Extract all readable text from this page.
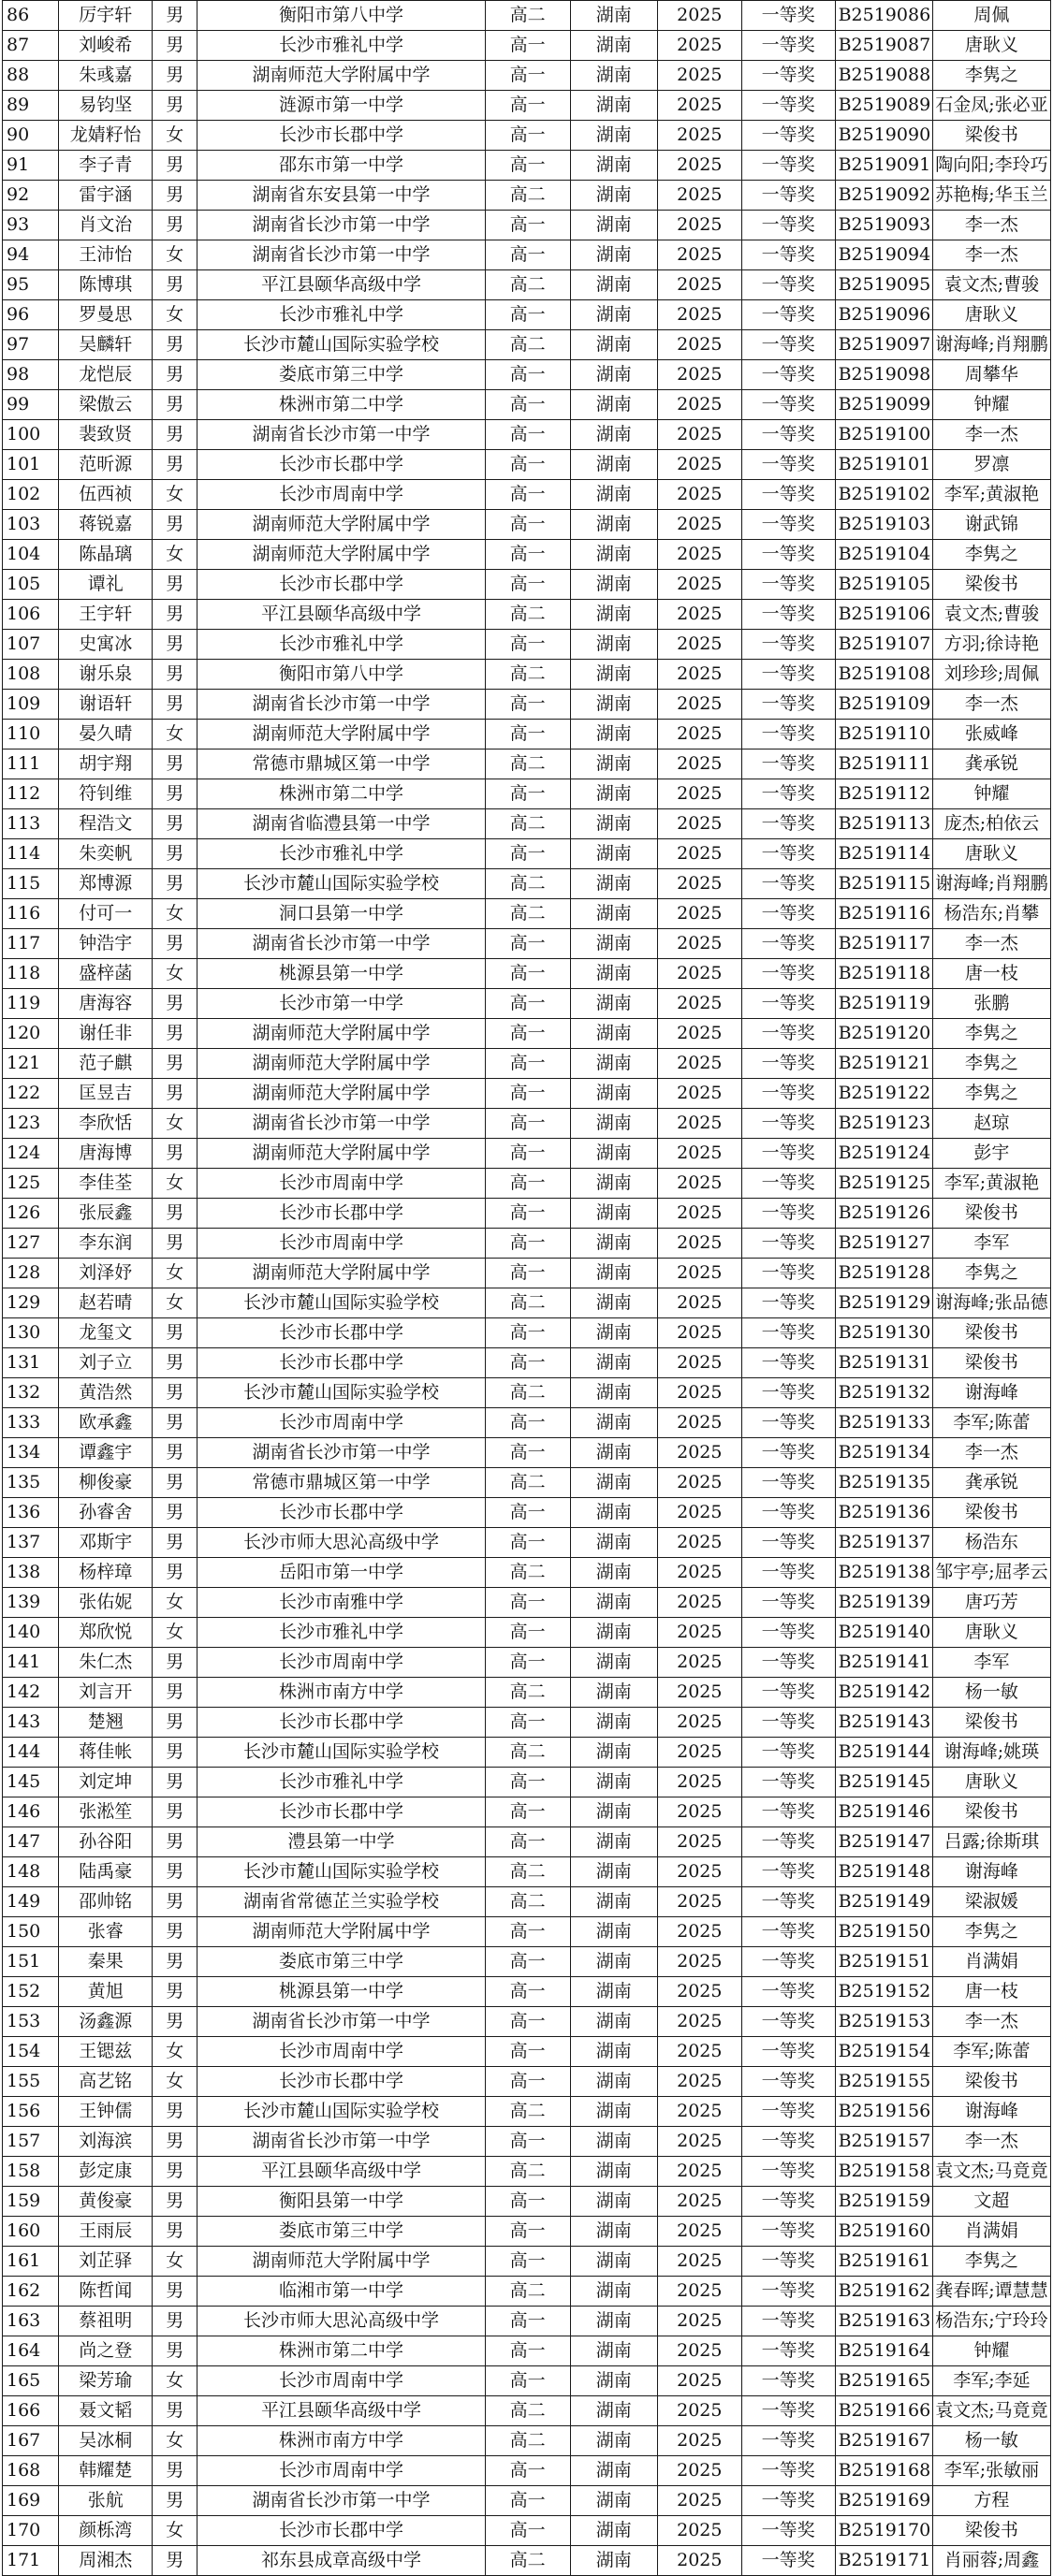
86	厉宇轩	男	衡阳市第八中学	高二	湖南	2025	一等奖	B2519086	周佩
87	刘峻希	男	长沙市雅礼中学	高一	湖南	2025	一等奖	B2519087	唐耿义
88	朱彧嘉	男	湖南师范大学附属中学	高一	湖南	2025	一等奖	B2519088	李隽之
89	易钧坚	男	涟源市第一中学	高一	湖南	2025	一等奖	B2519089	石金凤;张必亚
90	龙婧籽怡	女	长沙市长郡中学	高一	湖南	2025	一等奖	B2519090	梁俊书
91	李子青	男	邵东市第一中学	高一	湖南	2025	一等奖	B2519091	陶向阳;李玲巧
92	雷宇涵	男	湖南省东安县第一中学	高二	湖南	2025	一等奖	B2519092	苏艳梅;华玉兰
93	肖文治	男	湖南省长沙市第一中学	高一	湖南	2025	一等奖	B2519093	李一杰
94	王沛怡	女	湖南省长沙市第一中学	高一	湖南	2025	一等奖	B2519094	李一杰
95	陈博琪	男	平江县颐华高级中学	高二	湖南	2025	一等奖	B2519095	袁文杰;曹骏
96	罗曼思	女	长沙市雅礼中学	高一	湖南	2025	一等奖	B2519096	唐耿义
97	吴麟轩	男	长沙市麓山国际实验学校	高二	湖南	2025	一等奖	B2519097	谢海峰;肖翔鹏
98	龙恺辰	男	娄底市第三中学	高一	湖南	2025	一等奖	B2519098	周攀华
99	梁傲云	男	株洲市第二中学	高一	湖南	2025	一等奖	B2519099	钟耀
100	裴致贤	男	湖南省长沙市第一中学	高一	湖南	2025	一等奖	B2519100	李一杰
101	范昕源	男	长沙市长郡中学	高一	湖南	2025	一等奖	B2519101	罗凛
102	伍西祯	女	长沙市周南中学	高一	湖南	2025	一等奖	B2519102	李军;黄淑艳
103	蒋锐嘉	男	湖南师范大学附属中学	高一	湖南	2025	一等奖	B2519103	谢武锦
104	陈晶璃	女	湖南师范大学附属中学	高一	湖南	2025	一等奖	B2519104	李隽之
105	谭礼	男	长沙市长郡中学	高一	湖南	2025	一等奖	B2519105	梁俊书
106	王宇轩	男	平江县颐华高级中学	高二	湖南	2025	一等奖	B2519106	袁文杰;曹骏
107	史寓冰	男	长沙市雅礼中学	高一	湖南	2025	一等奖	B2519107	方羽;徐诗艳
108	谢乐泉	男	衡阳市第八中学	高二	湖南	2025	一等奖	B2519108	刘珍珍;周佩
109	谢语轩	男	湖南省长沙市第一中学	高一	湖南	2025	一等奖	B2519109	李一杰
110	晏久晴	女	湖南师范大学附属中学	高一	湖南	2025	一等奖	B2519110	张威峰
111	胡宇翔	男	常德市鼎城区第一中学	高二	湖南	2025	一等奖	B2519111	龚承锐
112	符钊维	男	株洲市第二中学	高一	湖南	2025	一等奖	B2519112	钟耀
113	程浩文	男	湖南省临澧县第一中学	高二	湖南	2025	一等奖	B2519113	庞杰;柏依云
114	朱奕帆	男	长沙市雅礼中学	高一	湖南	2025	一等奖	B2519114	唐耿义
115	郑博源	男	长沙市麓山国际实验学校	高二	湖南	2025	一等奖	B2519115	谢海峰;肖翔鹏
116	付可一	女	洞口县第一中学	高二	湖南	2025	一等奖	B2519116	杨浩东;肖攀
117	钟浩宇	男	湖南省长沙市第一中学	高一	湖南	2025	一等奖	B2519117	李一杰
118	盛梓菡	女	桃源县第一中学	高一	湖南	2025	一等奖	B2519118	唐一枝
119	唐海容	男	长沙市第一中学	高一	湖南	2025	一等奖	B2519119	张鹏
120	谢任非	男	湖南师范大学附属中学	高一	湖南	2025	一等奖	B2519120	李隽之
121	范子麒	男	湖南师范大学附属中学	高一	湖南	2025	一等奖	B2519121	李隽之
122	匡昱吉	男	湖南师范大学附属中学	高一	湖南	2025	一等奖	B2519122	李隽之
123	李欣恬	女	湖南省长沙市第一中学	高一	湖南	2025	一等奖	B2519123	赵琼
124	唐海博	男	湖南师范大学附属中学	高一	湖南	2025	一等奖	B2519124	彭宇
125	李佳荃	女	长沙市周南中学	高一	湖南	2025	一等奖	B2519125	李军;黄淑艳
126	张辰鑫	男	长沙市长郡中学	高一	湖南	2025	一等奖	B2519126	梁俊书
127	李东润	男	长沙市周南中学	高一	湖南	2025	一等奖	B2519127	李军
128	刘泽妤	女	湖南师范大学附属中学	高一	湖南	2025	一等奖	B2519128	李隽之
129	赵若晴	女	长沙市麓山国际实验学校	高二	湖南	2025	一等奖	B2519129	谢海峰;张品德
130	龙玺文	男	长沙市长郡中学	高一	湖南	2025	一等奖	B2519130	梁俊书
131	刘子立	男	长沙市长郡中学	高一	湖南	2025	一等奖	B2519131	梁俊书
132	黄浩然	男	长沙市麓山国际实验学校	高二	湖南	2025	一等奖	B2519132	谢海峰
133	欧承鑫	男	长沙市周南中学	高一	湖南	2025	一等奖	B2519133	李军;陈蕾
134	谭鑫宇	男	湖南省长沙市第一中学	高一	湖南	2025	一等奖	B2519134	李一杰
135	柳俊豪	男	常德市鼎城区第一中学	高二	湖南	2025	一等奖	B2519135	龚承锐
136	孙睿舍	男	长沙市长郡中学	高一	湖南	2025	一等奖	B2519136	梁俊书
137	邓斯宇	男	长沙市师大思沁高级中学	高一	湖南	2025	一等奖	B2519137	杨浩东
138	杨梓璋	男	岳阳市第一中学	高二	湖南	2025	一等奖	B2519138	邹宇亭;屈孝云
139	张佑妮	女	长沙市南雅中学	高一	湖南	2025	一等奖	B2519139	唐巧芳
140	郑欣悦	女	长沙市雅礼中学	高一	湖南	2025	一等奖	B2519140	唐耿义
141	朱仁杰	男	长沙市周南中学	高一	湖南	2025	一等奖	B2519141	李军
142	刘言开	男	株洲市南方中学	高二	湖南	2025	一等奖	B2519142	杨一敏
143	楚翘	男	长沙市长郡中学	高一	湖南	2025	一等奖	B2519143	梁俊书
144	蒋佳帐	男	长沙市麓山国际实验学校	高二	湖南	2025	一等奖	B2519144	谢海峰;姚瑛
145	刘定坤	男	长沙市雅礼中学	高一	湖南	2025	一等奖	B2519145	唐耿义
146	张淞笙	男	长沙市长郡中学	高一	湖南	2025	一等奖	B2519146	梁俊书
147	孙谷阳	男	澧县第一中学	高一	湖南	2025	一等奖	B2519147	吕露;徐斯琪
148	陆禹豪	男	长沙市麓山国际实验学校	高二	湖南	2025	一等奖	B2519148	谢海峰
149	邵帅铭	男	湖南省常德芷兰实验学校	高二	湖南	2025	一等奖	B2519149	梁淑媛
150	张睿	男	湖南师范大学附属中学	高一	湖南	2025	一等奖	B2519150	李隽之
151	秦果	男	娄底市第三中学	高一	湖南	2025	一等奖	B2519151	肖满娟
152	黄旭	男	桃源县第一中学	高一	湖南	2025	一等奖	B2519152	唐一枝
153	汤鑫源	男	湖南省长沙市第一中学	高一	湖南	2025	一等奖	B2519153	李一杰
154	王锶兹	女	长沙市周南中学	高一	湖南	2025	一等奖	B2519154	李军;陈蕾
155	高艺铭	女	长沙市长郡中学	高一	湖南	2025	一等奖	B2519155	梁俊书
156	王钟儒	男	长沙市麓山国际实验学校	高二	湖南	2025	一等奖	B2519156	谢海峰
157	刘海滨	男	湖南省长沙市第一中学	高一	湖南	2025	一等奖	B2519157	李一杰
158	彭定康	男	平江县颐华高级中学	高二	湖南	2025	一等奖	B2519158	袁文杰;马竟竟
159	黄俊豪	男	衡阳县第一中学	高一	湖南	2025	一等奖	B2519159	文超
160	王雨辰	男	娄底市第三中学	高一	湖南	2025	一等奖	B2519160	肖满娟
161	刘芷驿	女	湖南师范大学附属中学	高一	湖南	2025	一等奖	B2519161	李隽之
162	陈哲闻	男	临湘市第一中学	高二	湖南	2025	一等奖	B2519162	龚春晖;谭慧慧
163	蔡祖明	男	长沙市师大思沁高级中学	高一	湖南	2025	一等奖	B2519163	杨浩东;宁玲玲
164	尚之登	男	株洲市第二中学	高一	湖南	2025	一等奖	B2519164	钟耀
165	梁芳瑜	女	长沙市周南中学	高一	湖南	2025	一等奖	B2519165	李军;李延
166	聂文韬	男	平江县颐华高级中学	高二	湖南	2025	一等奖	B2519166	袁文杰;马竟竟
167	吴冰桐	女	株洲市南方中学	高二	湖南	2025	一等奖	B2519167	杨一敏
168	韩耀楚	男	长沙市周南中学	高一	湖南	2025	一等奖	B2519168	李军;张敏丽
169	张航	男	湖南省长沙市第一中学	高一	湖南	2025	一等奖	B2519169	方程
170	颜栎湾	女	长沙市长郡中学	高一	湖南	2025	一等奖	B2519170	梁俊书
171	周湘杰	男	祁东县成章高级中学	高二	湖南	2025	一等奖	B2519171	肖丽蓉;周鑫
